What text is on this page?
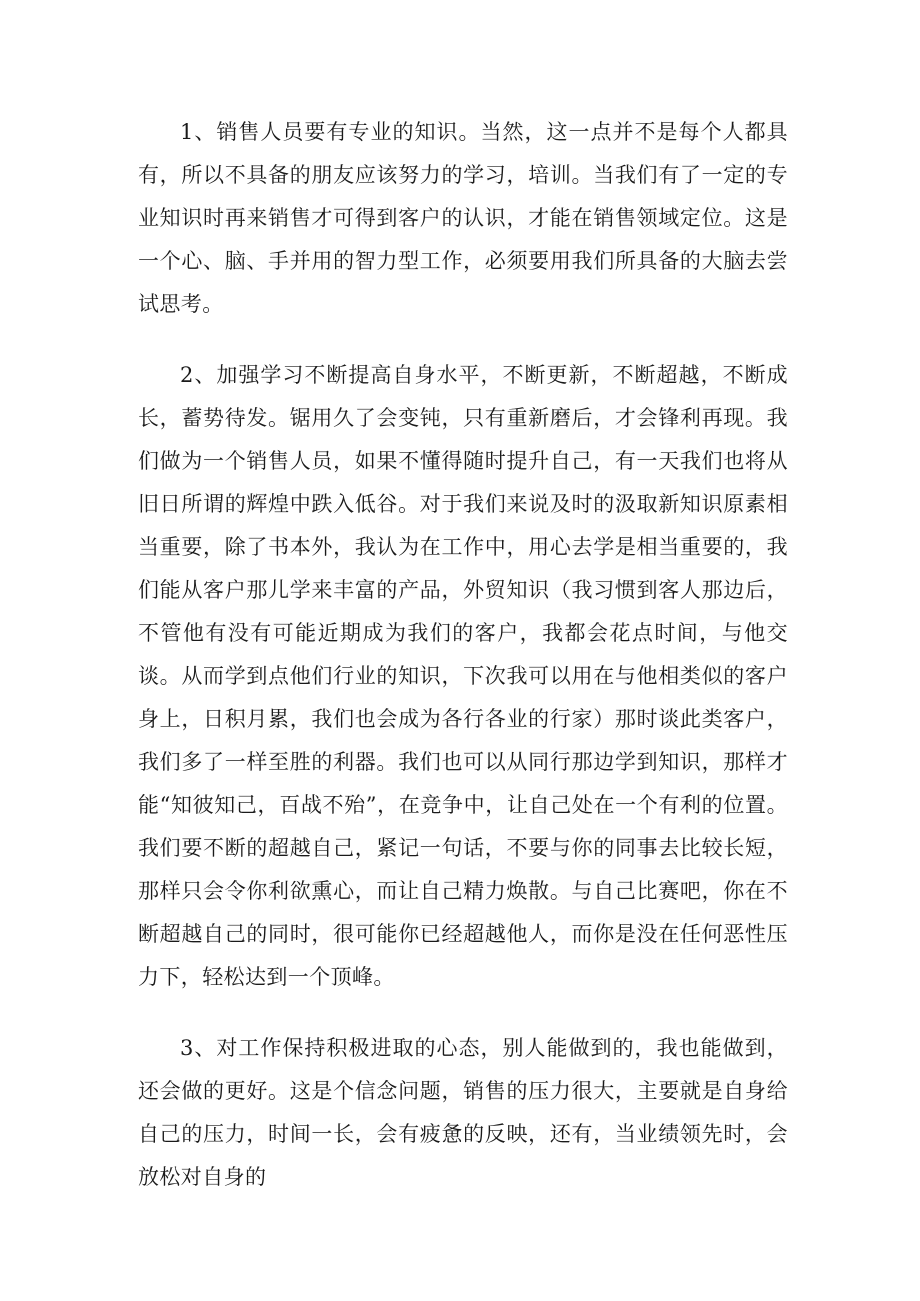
1、销售人员要有专业的知识。当然，这一点并不是每个人都具有，所以不具备的朋友应该努力的学习，培训。当我们有了一定的专业知识时再来销售才可得到客户的认识，才能在销售领域定位。这是一个心、脑、手并用的智力型工作，必须要用我们所具备的大脑去尝试思考。

2、加强学习不断提高自身水平，不断更新，不断超越，不断成长，蓄势待发。锯用久了会变钝，只有重新磨后，才会锋利再现。我们做为一个销售人员，如果不懂得随时提升自己，有一天我们也将从旧日所谓的辉煌中跌入低谷。对于我们来说及时的汲取新知识原素相当重要，除了书本外，我认为在工作中，用心去学是相当重要的，我们能从客户那儿学来丰富的产品，外贸知识（我习惯到客人那边后，不管他有没有可能近期成为我们的客户，我都会花点时间，与他交谈。从而学到点他们行业的知识，下次我可以用在与他相类似的客户身上，日积月累，我们也会成为各行各业的行家）那时谈此类客户，我们多了一样至胜的利器。我们也可以从同行那边学到知识，那样才能“知彼知己，百战不殆”，在竞争中，让自己处在一个有利的位置。我们要不断的超越自己，紧记一句话，不要与你的同事去比较长短，那样只会令你利欲熏心，而让自己精力焕散。与自己比赛吧，你在不断超越自己的同时，很可能你已经超越他人，而你是没在任何恶性压力下，轻松达到一个顶峰。

3、对工作保持积极进取的心态，别人能做到的，我也能做到，还会做的更好。这是个信念问题，销售的压力很大，主要就是自身给自己的压力，时间一长，会有疲惫的反映，还有，当业绩领先时，会放松对自身的
